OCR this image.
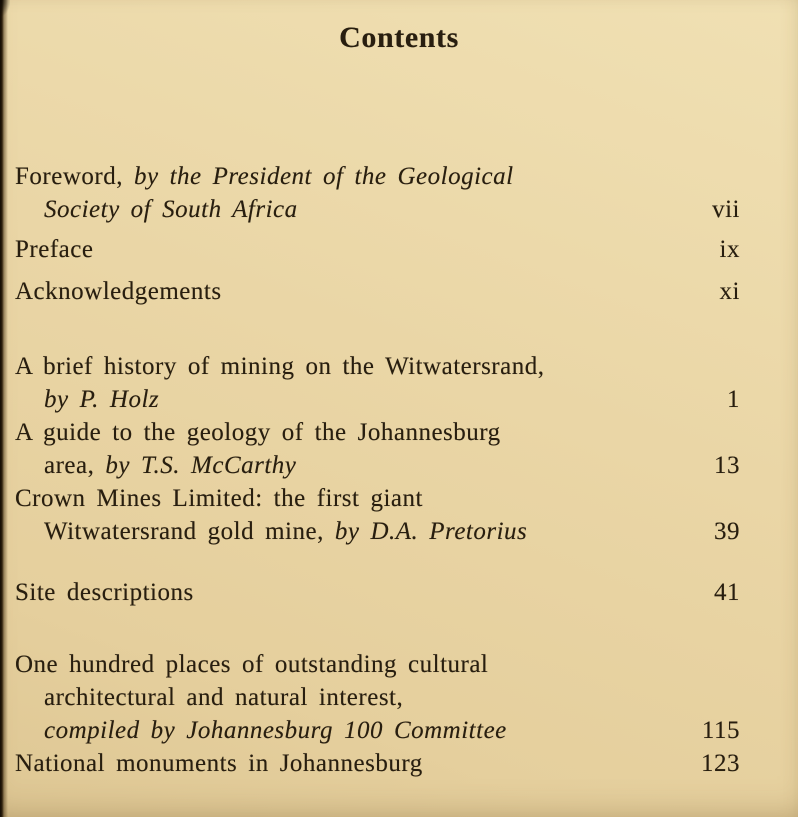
Contents
Foreword, by the President of the Geological
Society of South Africa	vii
Preface	ix
Acknowledgements	xi
A brief history of mining on the Witwatersrand,
by P. Holz	1
A guide to the geology of the Johannesburg
area, by T.S. McCarthy	13
Crown Mines Limited: the first giant
Witwatersrand gold mine, by D.A. Pretorius	39
Site descriptions	41
One hundred places of outstanding cultural
architectural and natural interest,
compiled by Johannesburg 100 Committee	115
National monuments in Johannesburg	123
